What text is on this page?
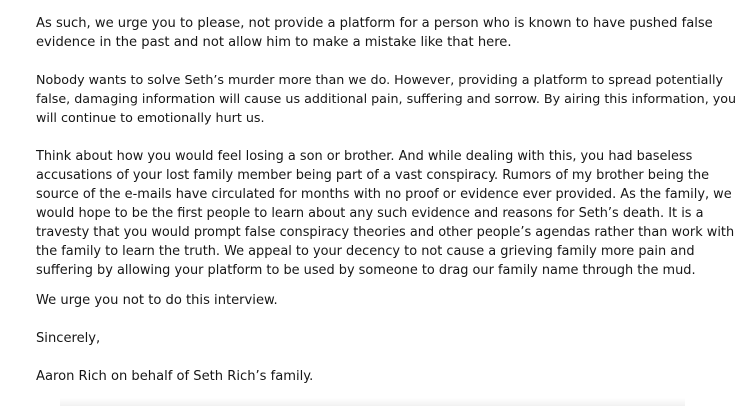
As such, we urge you to please, not provide a platform for a person who is known to have pushed false
evidence in the past and not allow him to make a mistake like that here.

Nobody wants to solve Seth’s murder more than we do. However, providing a platform to spread potentially
false, damaging information will cause us additional pain, suffering and sorrow. By airing this information, you
will continue to emotionally hurt us.

Think about how you would feel losing a son or brother. And while dealing with this, you had baseless
accusations of your lost family member being part of a vast conspiracy. Rumors of my brother being the
source of the e-mails have circulated for months with no proof or evidence ever provided. As the family, we
would hope to be the first people to learn about any such evidence and reasons for Seth’s death. It is a
travesty that you would prompt false conspiracy theories and other people’s agendas rather than work with
the family to learn the truth. We appeal to your decency to not cause a grieving family more pain and
suffering by allowing your platform to be used by someone to drag our family name through the mud.

We urge you not to do this interview.

Sincerely,

Aaron Rich on behalf of Seth Rich’s family.
